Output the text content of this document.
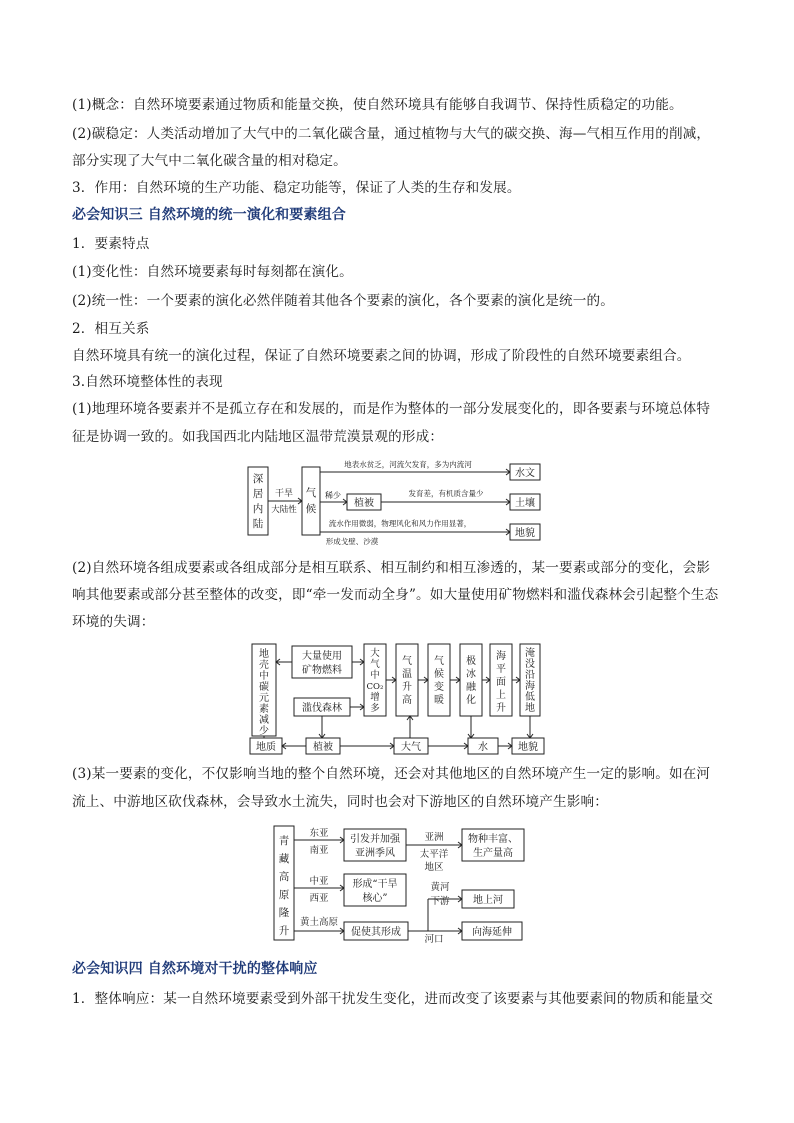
(1)概念：自然环境要素通过物质和能量交换，使自然环境具有能够自我调节、保持性质稳定的功能。
(2)碳稳定：人类活动增加了大气中的二氧化碳含量，通过植物与大气的碳交换、海—气相互作用的削减，
部分实现了大气中二氧化碳含量的相对稳定。
3．作用：自然环境的生产功能、稳定功能等，保证了人类的生存和发展。
必会知识三 自然环境的统一演化和要素组合
1．要素特点
(1)变化性：自然环境要素每时每刻都在演化。
(2)统一性：一个要素的演化必然伴随着其他各个要素的演化，各个要素的演化是统一的。
2．相互关系
自然环境具有统一的演化过程，保证了自然环境要素之间的协调，形成了阶段性的自然环境要素组合。
3.自然环境整体性的表现
(1)地理环境各要素并不是孤立存在和发展的，而是作为整体的一部分发展变化的，即各要素与环境总体特
征是协调一致的。如我国西北内陆地区温带荒漠景观的形成：
深
居
内
陆
干旱
大陆性
气
候
地表水贫乏，河流欠发育，多为内流河
水文
稀少
植被
发育差，有机质含量少
土壤
流水作用微弱，物理风化和风力作用显著，
形成戈壁、沙漠
地貌
(2)自然环境各组成要素或各组成部分是相互联系、相互制约和相互渗透的，某一要素或部分的变化，会影
响其他要素或部分甚至整体的改变，即“牵一发而动全身”。如大量使用矿物燃料和滥伐森林会引起整个生态
环境的失调：
地
壳
中
碳
元
素
减
少
大量使用
矿物燃料
滥伐森林
大
气
中
CO₂
增
多
气
温
升
高
气
候
变
暖
极
冰
融
化
海
平
面
上
升
淹
没
沿
海
低
地
地质	植被	大气	水	地貌
(3)某一要素的变化，不仅影响当地的整个自然环境，还会对其他地区的自然环境产生一定的影响。如在河
流上、中游地区砍伐森林，会导致水土流失，同时也会对下游地区的自然环境产生影响：
青
藏
高
原
隆
升
东亚
南亚
引发并加强
亚洲季风
亚洲
太平洋
地区
物种丰富、
生产量高
中亚
西亚
形成“干旱
核心”
黄土高原
促使其形成
黄河
下游
河口
地上河
向海延伸
必会知识四 自然环境对干扰的整体响应
1．整体响应：某一自然环境要素受到外部干扰发生变化，进而改变了该要素与其他要素间的物质和能量交
